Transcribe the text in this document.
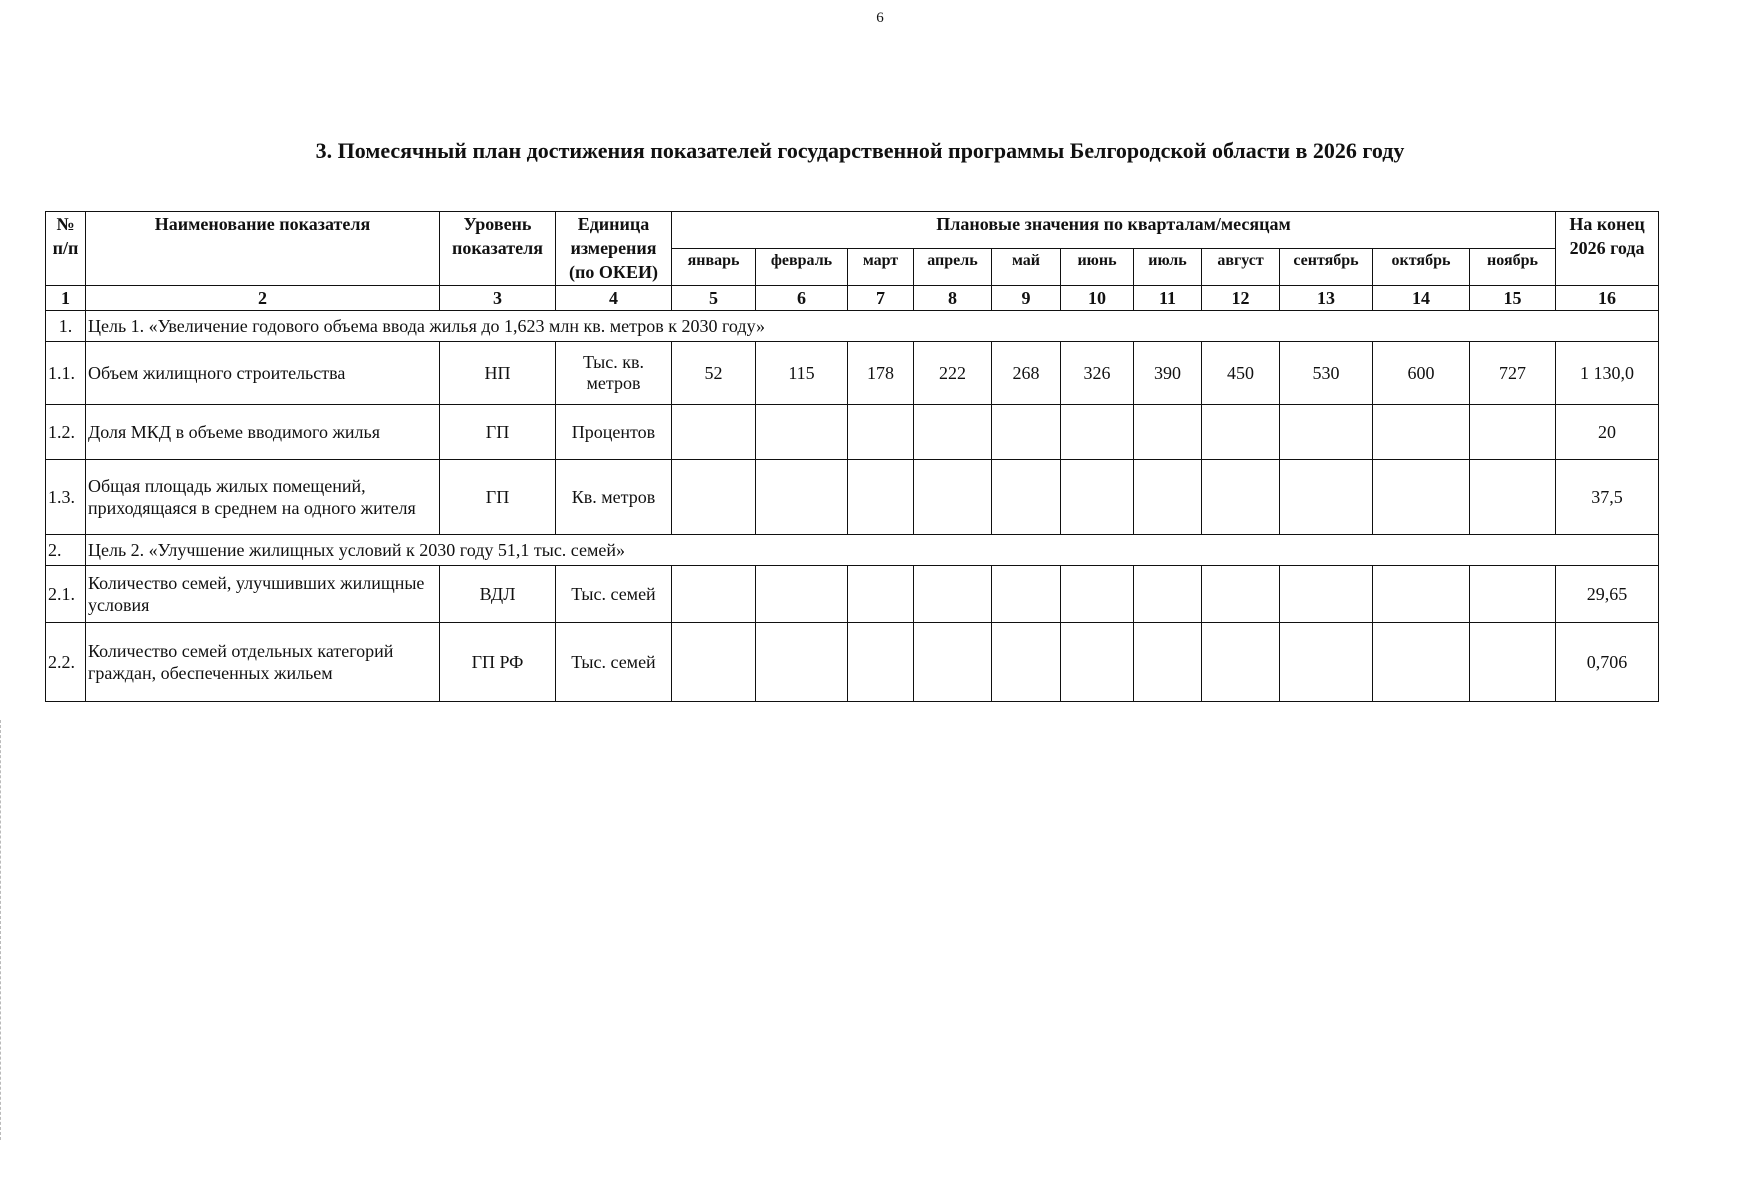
6
3. Помесячный план достижения показателей государственной программы Белгородской области в 2026 году
№ п/п	Наименование показателя	Уровень показателя	Единица измерения (по ОКЕИ)	Плановые значения по кварталам/месяцам											На конец 2026 года
				январь	февраль	март	апрель	май	июнь	июль	август	сентябрь	октябрь	ноябрь	
1	2	3	4	5	6	7	8	9	10	11	12	13	14	15	16
1.	Цель 1. «Увеличение годового объема ввода жилья до 1,623 млн кв. метров к 2030 году»														
1.1.	Объем жилищного строительства	НП	Тыс. кв. метров	52	115	178	222	268	326	390	450	530	600	727	1 130,0
1.2.	Доля МКД в объеме вводимого жилья	ГП	Процентов												20
1.3.	Общая площадь жилых помещений, приходящаяся в среднем на одного жителя	ГП	Кв. метров												37,5
2.	Цель 2. «Улучшение жилищных условий к 2030 году 51,1 тыс. семей»														
2.1.	Количество семей, улучшивших жилищные условия	ВДЛ	Тыс. семей												29,65
2.2.	Количество семей отдельных категорий граждан, обеспеченных жильем	ГП РФ	Тыс. семей												0,706
